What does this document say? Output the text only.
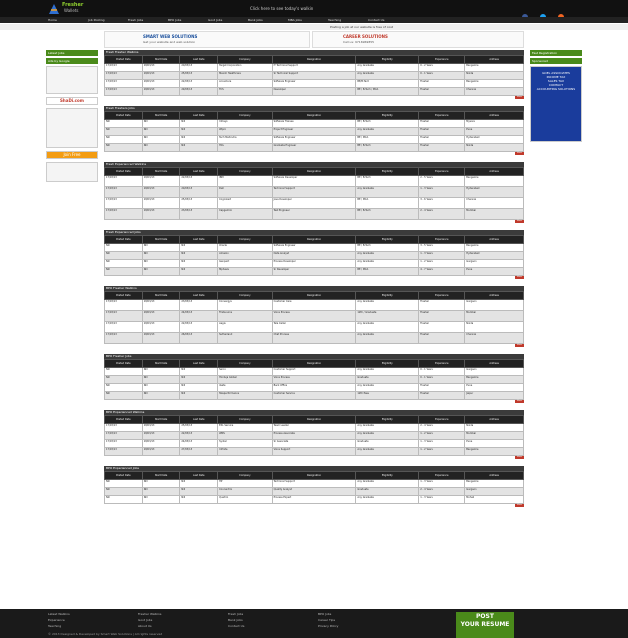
Fresher
Wallets	Click here to see today's walkin
Home	Job Posting	Fresh Jobs	BPO Jobs	Govt Jobs	Bank Jobs	MBA Jobs	Teaching	Contact Us
Posting a job at our website is free of cost
SMART WEB SOLUTIONS
Get your website and web solution
CAREER SOLUTIONS
Call us: 9716969855
Latest Jobs
Ads by Google
ShaDi.com
Join Free
Fast Registration
Sponsored
GOEL ASSOCIATES
INCOME TAX
SALES TAX
CONTACT
ACCOUNTING SOLUTIONS
Fresh Fresher Walkins
Posted Date	Start Date	Last Date	Company	Designation	Eligibility	Experience	Address
17/03/13	18/03/13	20/03/13	Target Corporation	IT Technical Support	Any Graduate	0 - 2 Years	Bangalore
17/03/13	18/03/13	25/03/13	Maxim Healthcare	Sr Technical Support	Any Graduate	0 - 1 Years	Noida
17/03/13	18/03/13	22/03/13	Accenture	Software Engineer	BE/B.Tech	Fresher	Bangalore
17/03/13	18/03/13	29/03/13	TCS	Developer	BE / B.Tech / MCA	Fresher	Chennai
More
Fresh Freshers Jobs
Posted Date	Start Date	Last Date	Company	Designation	Eligibility	Experience	Address
Nill	Nill	Nill	Infosys	Software Trainee	BE / B.Tech	Fresher	Mysore
Nill	Nill	Nill	Wipro	Project Engineer	Any Graduate	Fresher	Pune
Nill	Nill	Nill	Tech Mahindra	Software Engineer	BE / MCA	Fresher	Hyderabad
Nill	Nill	Nill	HCL	Graduate Engineer	BE / B.Tech	Fresher	Noida
More
Fresh Experienced Walkins
Posted Date	Start Date	Last Date	Company	Designation	Eligibility	Experience	Address
17/03/13	18/03/13	22/03/13	IBM	Software Developer	BE / B.Tech	2 - 5 Years	Bangalore
17/03/13	18/03/13	20/03/13	Dell	Technical Support	Any Graduate	1 - 3 Years	Hyderabad
17/03/13	18/03/13	25/03/13	Cognizant	Java Developer	BE / MCA	3 - 6 Years	Chennai
17/03/13	18/03/13	23/03/13	Capgemini	Test Engineer	BE / B.Tech	2 - 4 Years	Mumbai
More
Fresh Experienced Jobs
Posted Date	Start Date	Last Date	Company	Designation	Eligibility	Experience	Address
Nill	Nill	Nill	Oracle	Software Engineer	BE / B.Tech	3 - 5 Years	Bangalore
Nill	Nill	Nill	Amazon	Data Analyst	Any Graduate	1 - 3 Years	Hyderabad
Nill	Nill	Nill	Genpact	Process Developer	Any Graduate	1 - 2 Years	Gurgaon
Nill	Nill	Nill	Mphasis	Sr Developer	BE / MCA	4 - 7 Years	Pune
More
BPO Fresher Walkins
Posted Date	Start Date	Last Date	Company	Designation	Eligibility	Experience	Address
17/03/13	18/03/13	23/03/13	Convergys	Customer Care	Any Graduate	Fresher	Gurgaon
17/03/13	18/03/13	24/03/13	Firstsource	Voice Process	12th / Graduate	Fresher	Mumbai
17/03/13	18/03/13	22/03/13	Aegis	Tele Caller	Any Graduate	Fresher	Noida
17/03/13	18/03/13	26/03/13	Sutherland	Chat Process	Any Graduate	Fresher	Chennai
More
BPO Fresher Jobs
Posted Date	Start Date	Last Date	Company	Designation	Eligibility	Experience	Address
Nill	Nill	Nill	Serco	Customer Support	Any Graduate	0 - 1 Years	Gurgaon
Nill	Nill	Nill	Hinduja Global	Voice Process	Graduate	0 - 1 Years	Bangalore
Nill	Nill	Nill	iGate	Back Office	Any Graduate	Fresher	Pune
Nill	Nill	Nill	Teleperformance	Customer Service	12th Pass	Fresher	Jaipur
More
BPO Experienced Walkins
Posted Date	Start Date	Last Date	Company	Designation	Eligibility	Experience	Address
17/03/13	18/03/13	25/03/13	EXL Service	Team Leader	Any Graduate	2 - 4 Years	Noida
17/03/13	18/03/13	22/03/13	WNS	Process Associate	Any Graduate	1 - 2 Years	Mumbai
17/03/13	18/03/13	24/03/13	Syntel	Sr Associate	Graduate	1 - 3 Years	Pune
17/03/13	18/03/13	27/03/13	Infinite	Voice Support	Any Graduate	1 - 2 Years	Bangalore
More
BPO Experienced Jobs
Posted Date	Start Date	Last Date	Company	Designation	Eligibility	Experience	Address
Nill	Nill	Nill	HP	Technical Support	Any Graduate	1 - 3 Years	Bangalore
Nill	Nill	Nill	Concentrix	Quality Analyst	Graduate	2 - 4 Years	Gurgaon
Nill	Nill	Nill	Quatrro	Process Expert	Any Graduate	1 - 3 Years	Mohali
More
Latest Walkins	Fresher Walkins	Fresh Jobs	BPO Jobs
Experience	Govt Jobs	Bank Jobs	Career Tips
Teaching	About Us	Contact Us	Privacy Policy
© 2013 Designed & Developed by Smart Web Solutions | All rights reserved
POST
YOUR RESUME
